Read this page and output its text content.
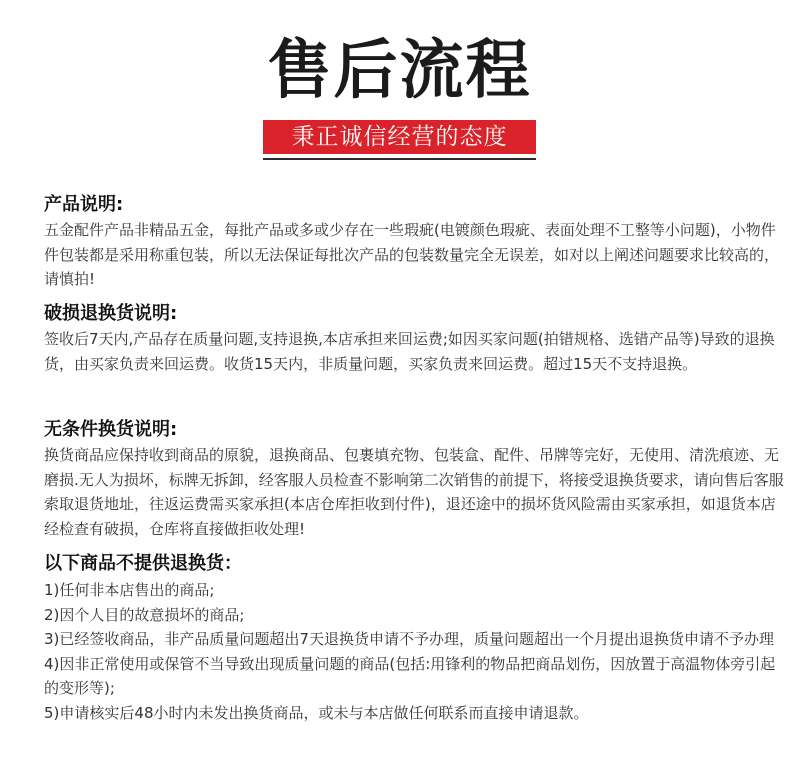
售后流程
秉正诚信经营的态度
产品说明:
五金配件产品非精品五金，每批产品或多或少存在一些瑕疵(电镀颜色瑕疵、表面处理不工整等小问题)，小物件件包装都是采用称重包装，所以无法保证每批次产品的包装数量完全无误差，如对以上阐述问题要求比较高的，请慎拍!
破损退换货说明:
签收后7天内,产品存在质量问题,支持退换,本店承担来回运费;如因买家问题(拍错规格、选错产品等)导致的退换货，由买家负责来回运费。收货15天内，非质量问题，买家负责来回运费。超过15天不支持退换。
无条件换货说明:
换货商品应保持收到商品的原貌，退换商品、包裹填充物、包装盒、配件、吊牌等完好，无使用、清洗痕迹、无磨损.无人为损坏，标牌无拆卸，经客服人员检查不影响第二次销售的前提下，将接受退换货要求，请向售后客服索取退货地址，往返运费需买家承担(本店仓库拒收到付件)，退还途中的损坏货风险需由买家承担，如退货本店经检查有破损，仓库将直接做拒收处理!
以下商品不提供退换货：
1)任何非本店售出的商品;
2)因个人目的故意损坏的商品;
3)已经签收商品，非产品质量问题超出7天退换货申请不予办理，质量问题超出一个月提出退换货申请不予办理
4)因非正常使用或保管不当导致出现质量问题的商品(包括:用锋利的物品把商品划伤，因放置于高温物体旁引起的变形等);
5)申请核实后48小时内未发出换货商品，或未与本店做任何联系而直接申请退款。
